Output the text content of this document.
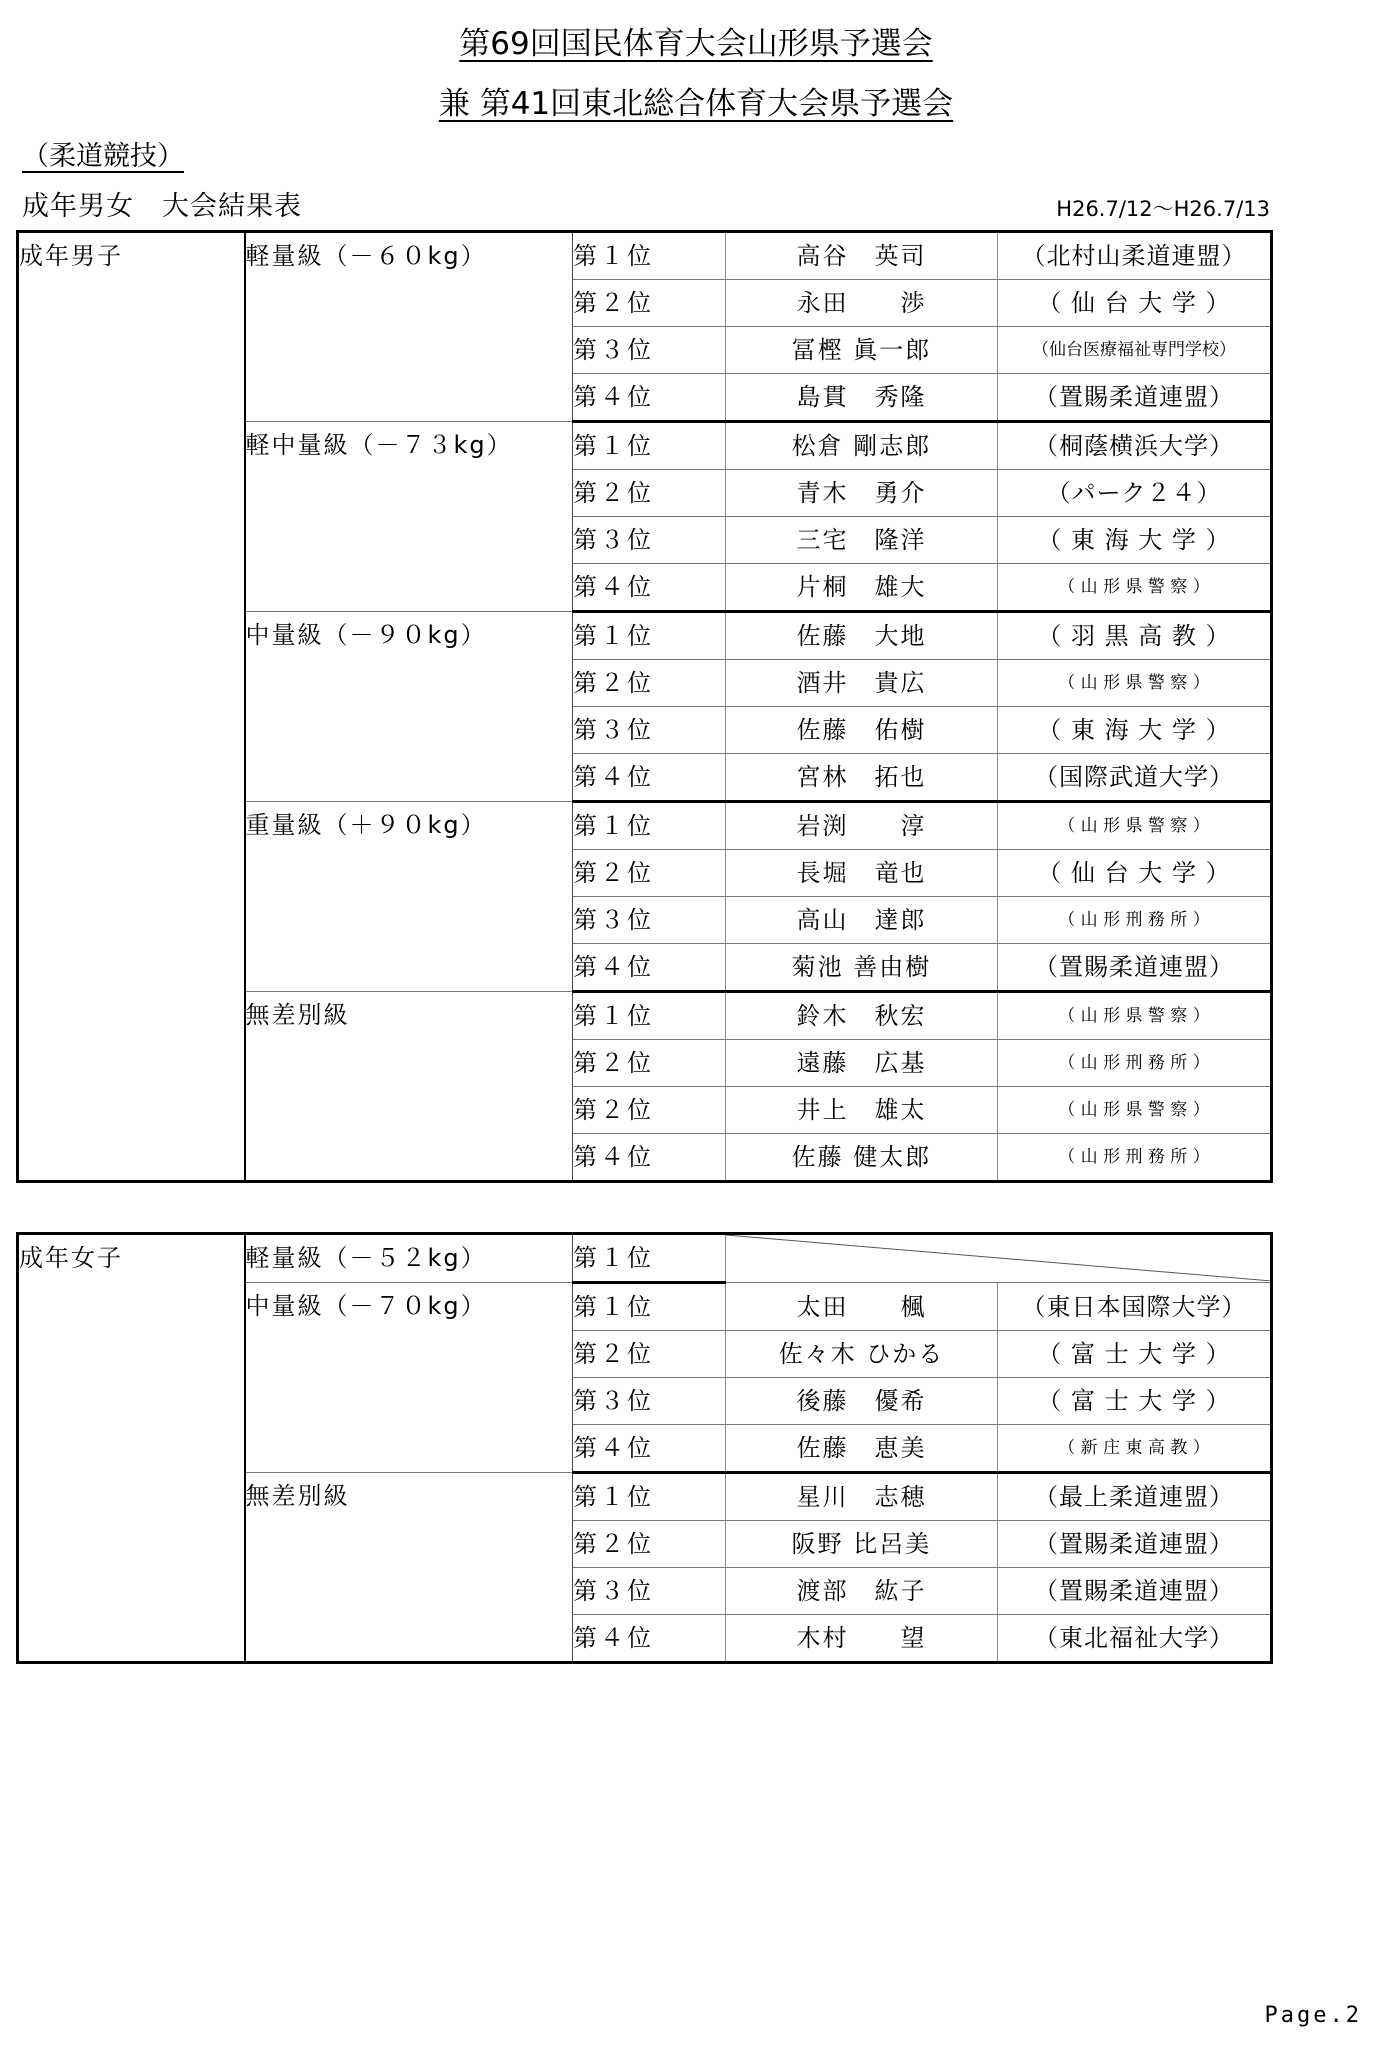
第69回国民体育大会山形県予選会
兼 第41回東北総合体育大会県予選会
（柔道競技）
成年男女　大会結果表	H26.7/12～H26.7/13
成年男子	軽量級（－６０kg）	第１位	高谷　英司	（北村山柔道連盟）
		第２位	永田　　渉	（ 仙 台 大 学 ）
		第３位	冨樫 眞一郎	（仙台医療福祉専門学校）
		第４位	島貫　秀隆	（置賜柔道連盟）
	軽中量級（－７３kg）	第１位	松倉 剛志郎	（桐蔭横浜大学）
		第２位	青木　勇介	（パーク２４）
		第３位	三宅　隆洋	（ 東 海 大 学 ）
		第４位	片桐　雄大	（ 山 形 県 警 察 ）
	中量級（－９０kg）	第１位	佐藤　大地	（ 羽 黒 高 教 ）
		第２位	酒井　貴広	（ 山 形 県 警 察 ）
		第３位	佐藤　佑樹	（ 東 海 大 学 ）
		第４位	宮林　拓也	（国際武道大学）
	重量級（＋９０kg）	第１位	岩渕　　淳	（ 山 形 県 警 察 ）
		第２位	長堀　竜也	（ 仙 台 大 学 ）
		第３位	高山　達郎	（ 山 形 刑 務 所 ）
		第４位	菊池 善由樹	（置賜柔道連盟）
	無差別級	第１位	鈴木　秋宏	（ 山 形 県 警 察 ）
		第２位	遠藤　広基	（ 山 形 刑 務 所 ）
		第２位	井上　雄太	（ 山 形 県 警 察 ）
		第４位	佐藤 健太郎	（ 山 形 刑 務 所 ）
成年女子	軽量級（－５２kg）	第１位	

	中量級（－７０kg）	第１位	太田　　楓	（東日本国際大学）
		第２位	佐々木 ひかる	（ 富 士 大 学 ）
		第３位	後藤　優希	（ 富 士 大 学 ）
		第４位	佐藤　恵美	（ 新 庄 東 高 教 ）
	無差別級	第１位	星川　志穂	（最上柔道連盟）
		第２位	阪野 比呂美	（置賜柔道連盟）
		第３位	渡部　紘子	（置賜柔道連盟）
		第４位	木村　　望	（東北福祉大学）
Page.2
